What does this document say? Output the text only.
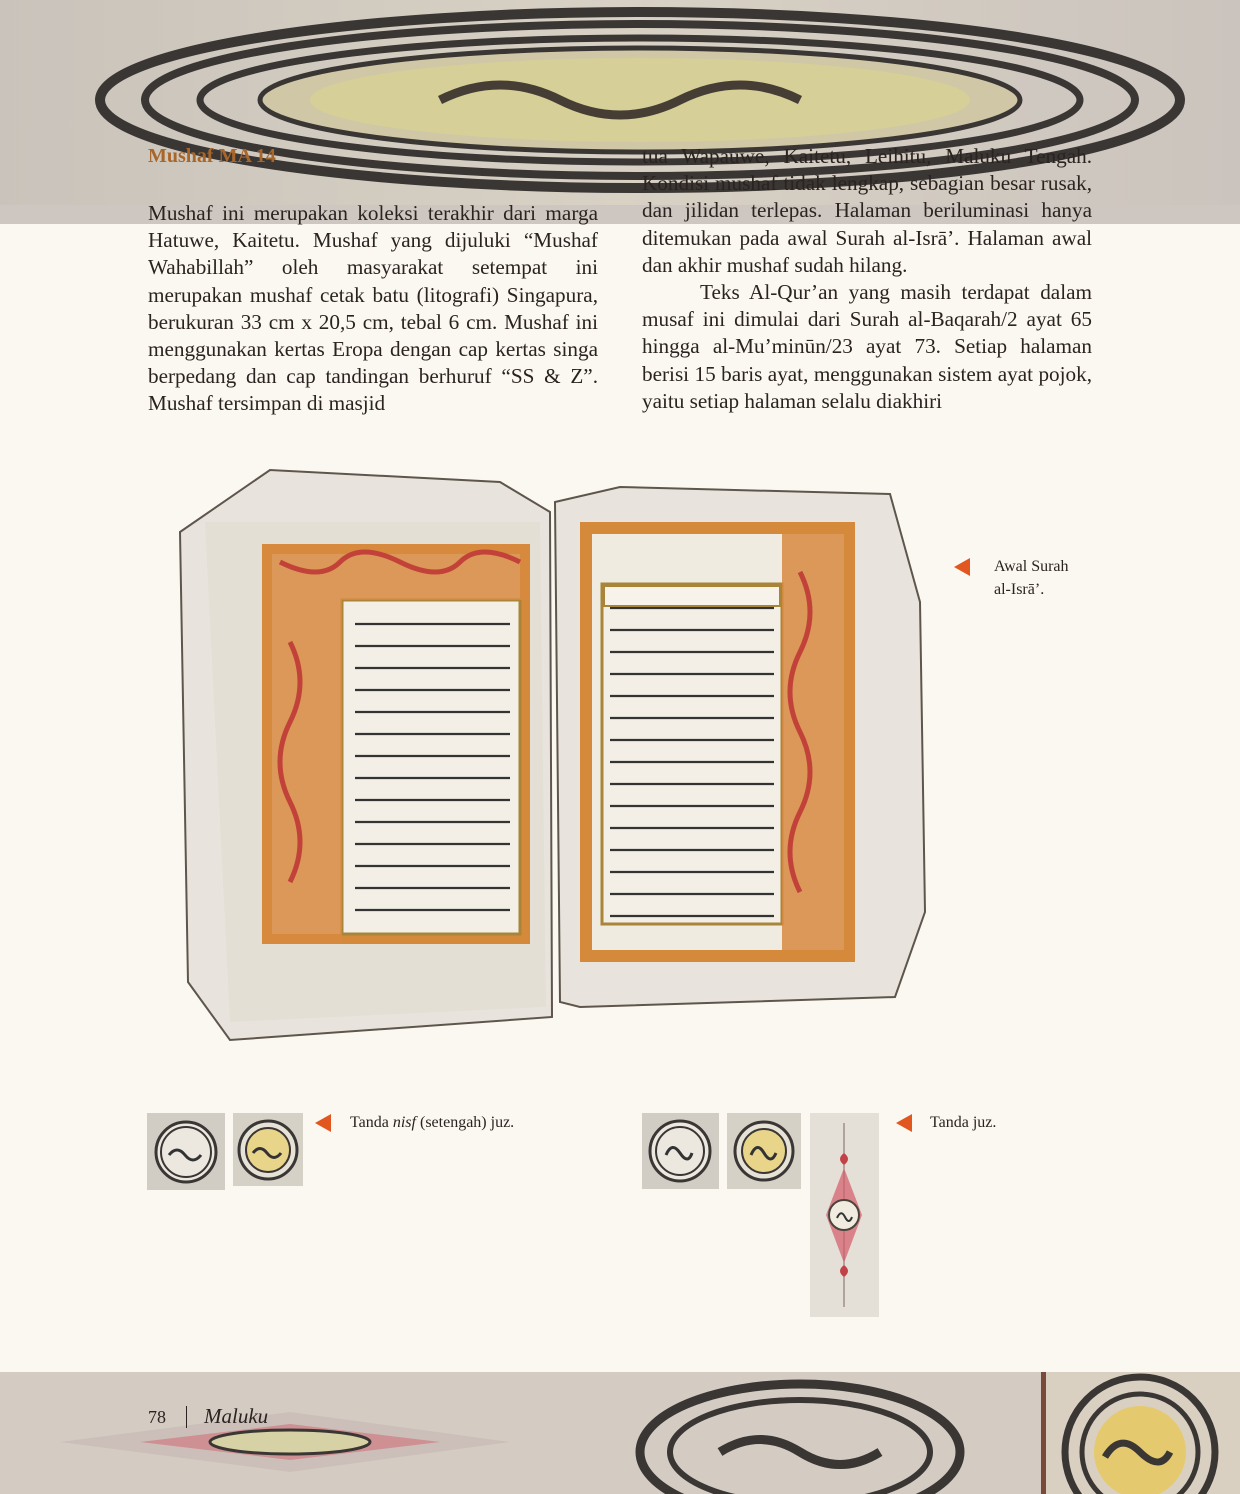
Mushaf MA 14

Mushaf ini merupakan koleksi terakhir dari marga Hatuwe, Kaitetu. Mushaf yang dijuluki “Mushaf Wahabillah” oleh masyarakat setempat ini merupakan mushaf cetak batu (litografi) Singapura, berukuran 33 cm x 20,5 cm, tebal 6 cm. Mushaf ini menggunakan kertas Eropa dengan cap kertas singa berpedang dan cap tandingan berhuruf “SS & Z”. Mushaf tersimpan di masjid

tua Wapauwe, Kaitetu, Leihitu, Maluku Tengah. Kondisi mushaf tidak lengkap, sebagian besar rusak, dan jilidan terlepas. Halaman beriluminasi hanya ditemukan pada awal Surah al-Isrā’. Halaman awal dan akhir mushaf sudah hilang.

Teks Al-Qur’an yang masih terdapat dalam musaf ini dimulai dari Surah al-Baqarah/2 ayat 65 hingga al-Mu’minūn/23 ayat 73. Setiap halaman berisi 15 baris ayat, menggunakan sistem ayat pojok, yaitu setiap halaman selalu diakhiri

Awal Surah
al-Isrā’.
Tanda nisf (setengah) juz.	Tanda juz.
78 Maluku
